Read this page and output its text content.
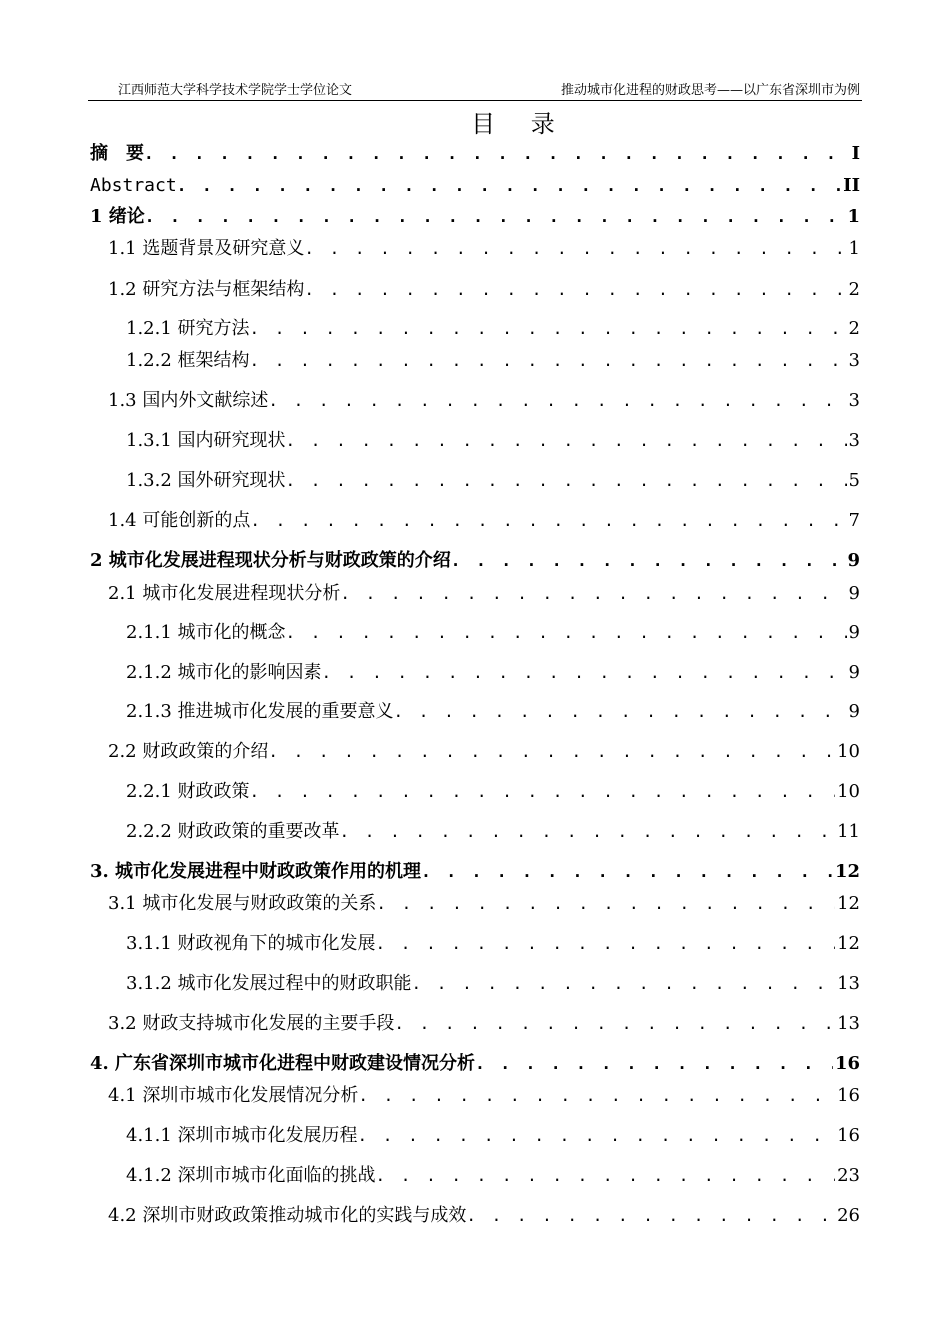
江西师范大学科学技术学院学士学位论文	推动城市化进程的财政思考——以广东省深圳市为例
目 录
摘　要 . . .	I
Abstract . . .	II
1 绪论 . . .	1
1.1 选题背景及研究意义 . . .	1
1.2 研究方法与框架结构 . . .	2
1.2.1 研究方法 . . .	2
1.2.2 框架结构 . . .	3
1.3 国内外文献综述 . . .	3
1.3.1 国内研究现状 . . .	3
1.3.2 国外研究现状 . . .	5
1.4 可能创新的点 . . .	7
2 城市化发展进程现状分析与财政政策的介绍 . . .	9
2.1 城市化发展进程现状分析 . . .	9
2.1.1 城市化的概念 . . .	9
2.1.2 城市化的影响因素 . . .	9
2.1.3 推进城市化发展的重要意义 . . .	9
2.2 财政政策的介绍 . . .	10
2.2.1 财政政策 . . .	10
2.2.2 财政政策的重要改革 . . .	11
3. 城市化发展进程中财政政策作用的机理 . . .	12
3.1 城市化发展与财政政策的关系 . . .	12
3.1.1 财政视角下的城市化发展 . . .	12
3.1.2 城市化发展过程中的财政职能 . . .	13
3.2 财政支持城市化发展的主要手段 . . .	13
4. 广东省深圳市城市化进程中财政建设情况分析 . . .	16
4.1 深圳市城市化发展情况分析 . . .	16
4.1.1 深圳市城市化发展历程 . . .	16
4.1.2 深圳市城市化面临的挑战 . . .	23
4.2 深圳市财政政策推动城市化的实践与成效 . . .	26
